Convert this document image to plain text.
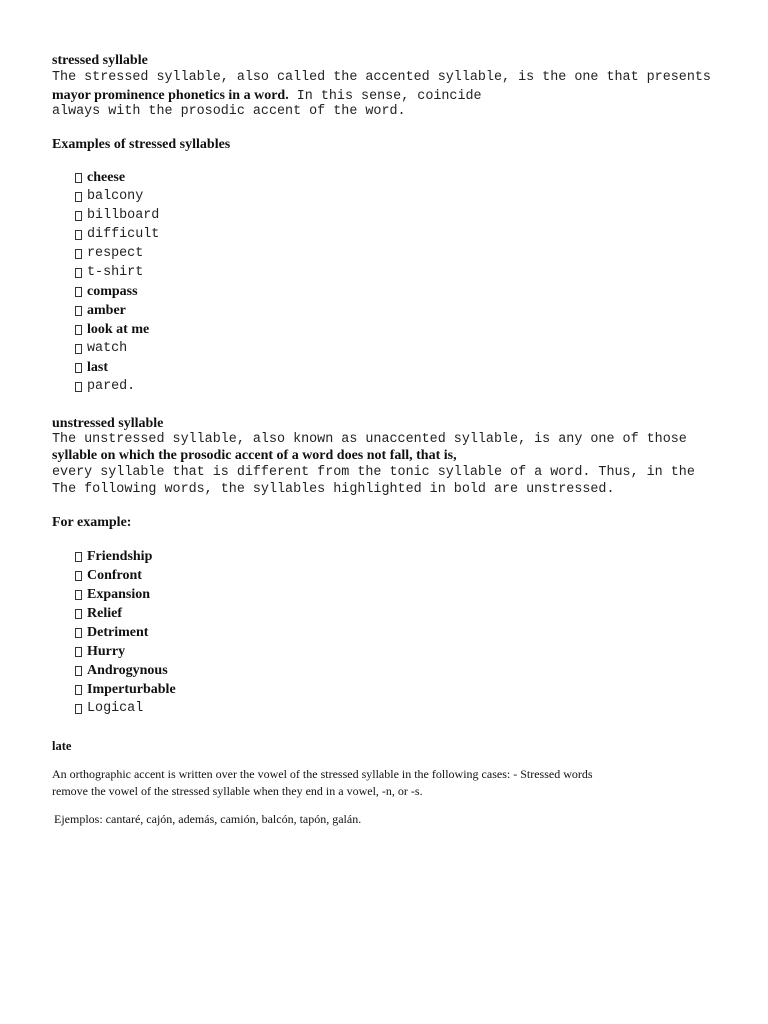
stressed syllable
The stressed syllable, also called the accented syllable, is the one that presents
mayor prominence phonetics in a word. In this sense, coincide
always with the prosodic accent of the word.
Examples of stressed syllables
cheese
balcony
billboard
difficult
respect
t-shirt
compass
amber
look at me
watch
last
pared.
unstressed syllable
The unstressed syllable, also known as unaccented syllable, is any one of those
syllable on which the prosodic accent of a word does not fall, that is,
every syllable that is different from the tonic syllable of a word. Thus, in the
The following words, the syllables highlighted in bold are unstressed.
For example:
Friendship
Confront
Expansion
Relief
Detriment
Hurry
Androgynous
Imperturbable
Logical
late
An orthographic accent is written over the vowel of the stressed syllable in the following cases: - Stressed words
remove the vowel of the stressed syllable when they end in a vowel, -n, or -s.
Ejemplos: cantaré, cajón, además, camión, balcón, tapón, galán.
